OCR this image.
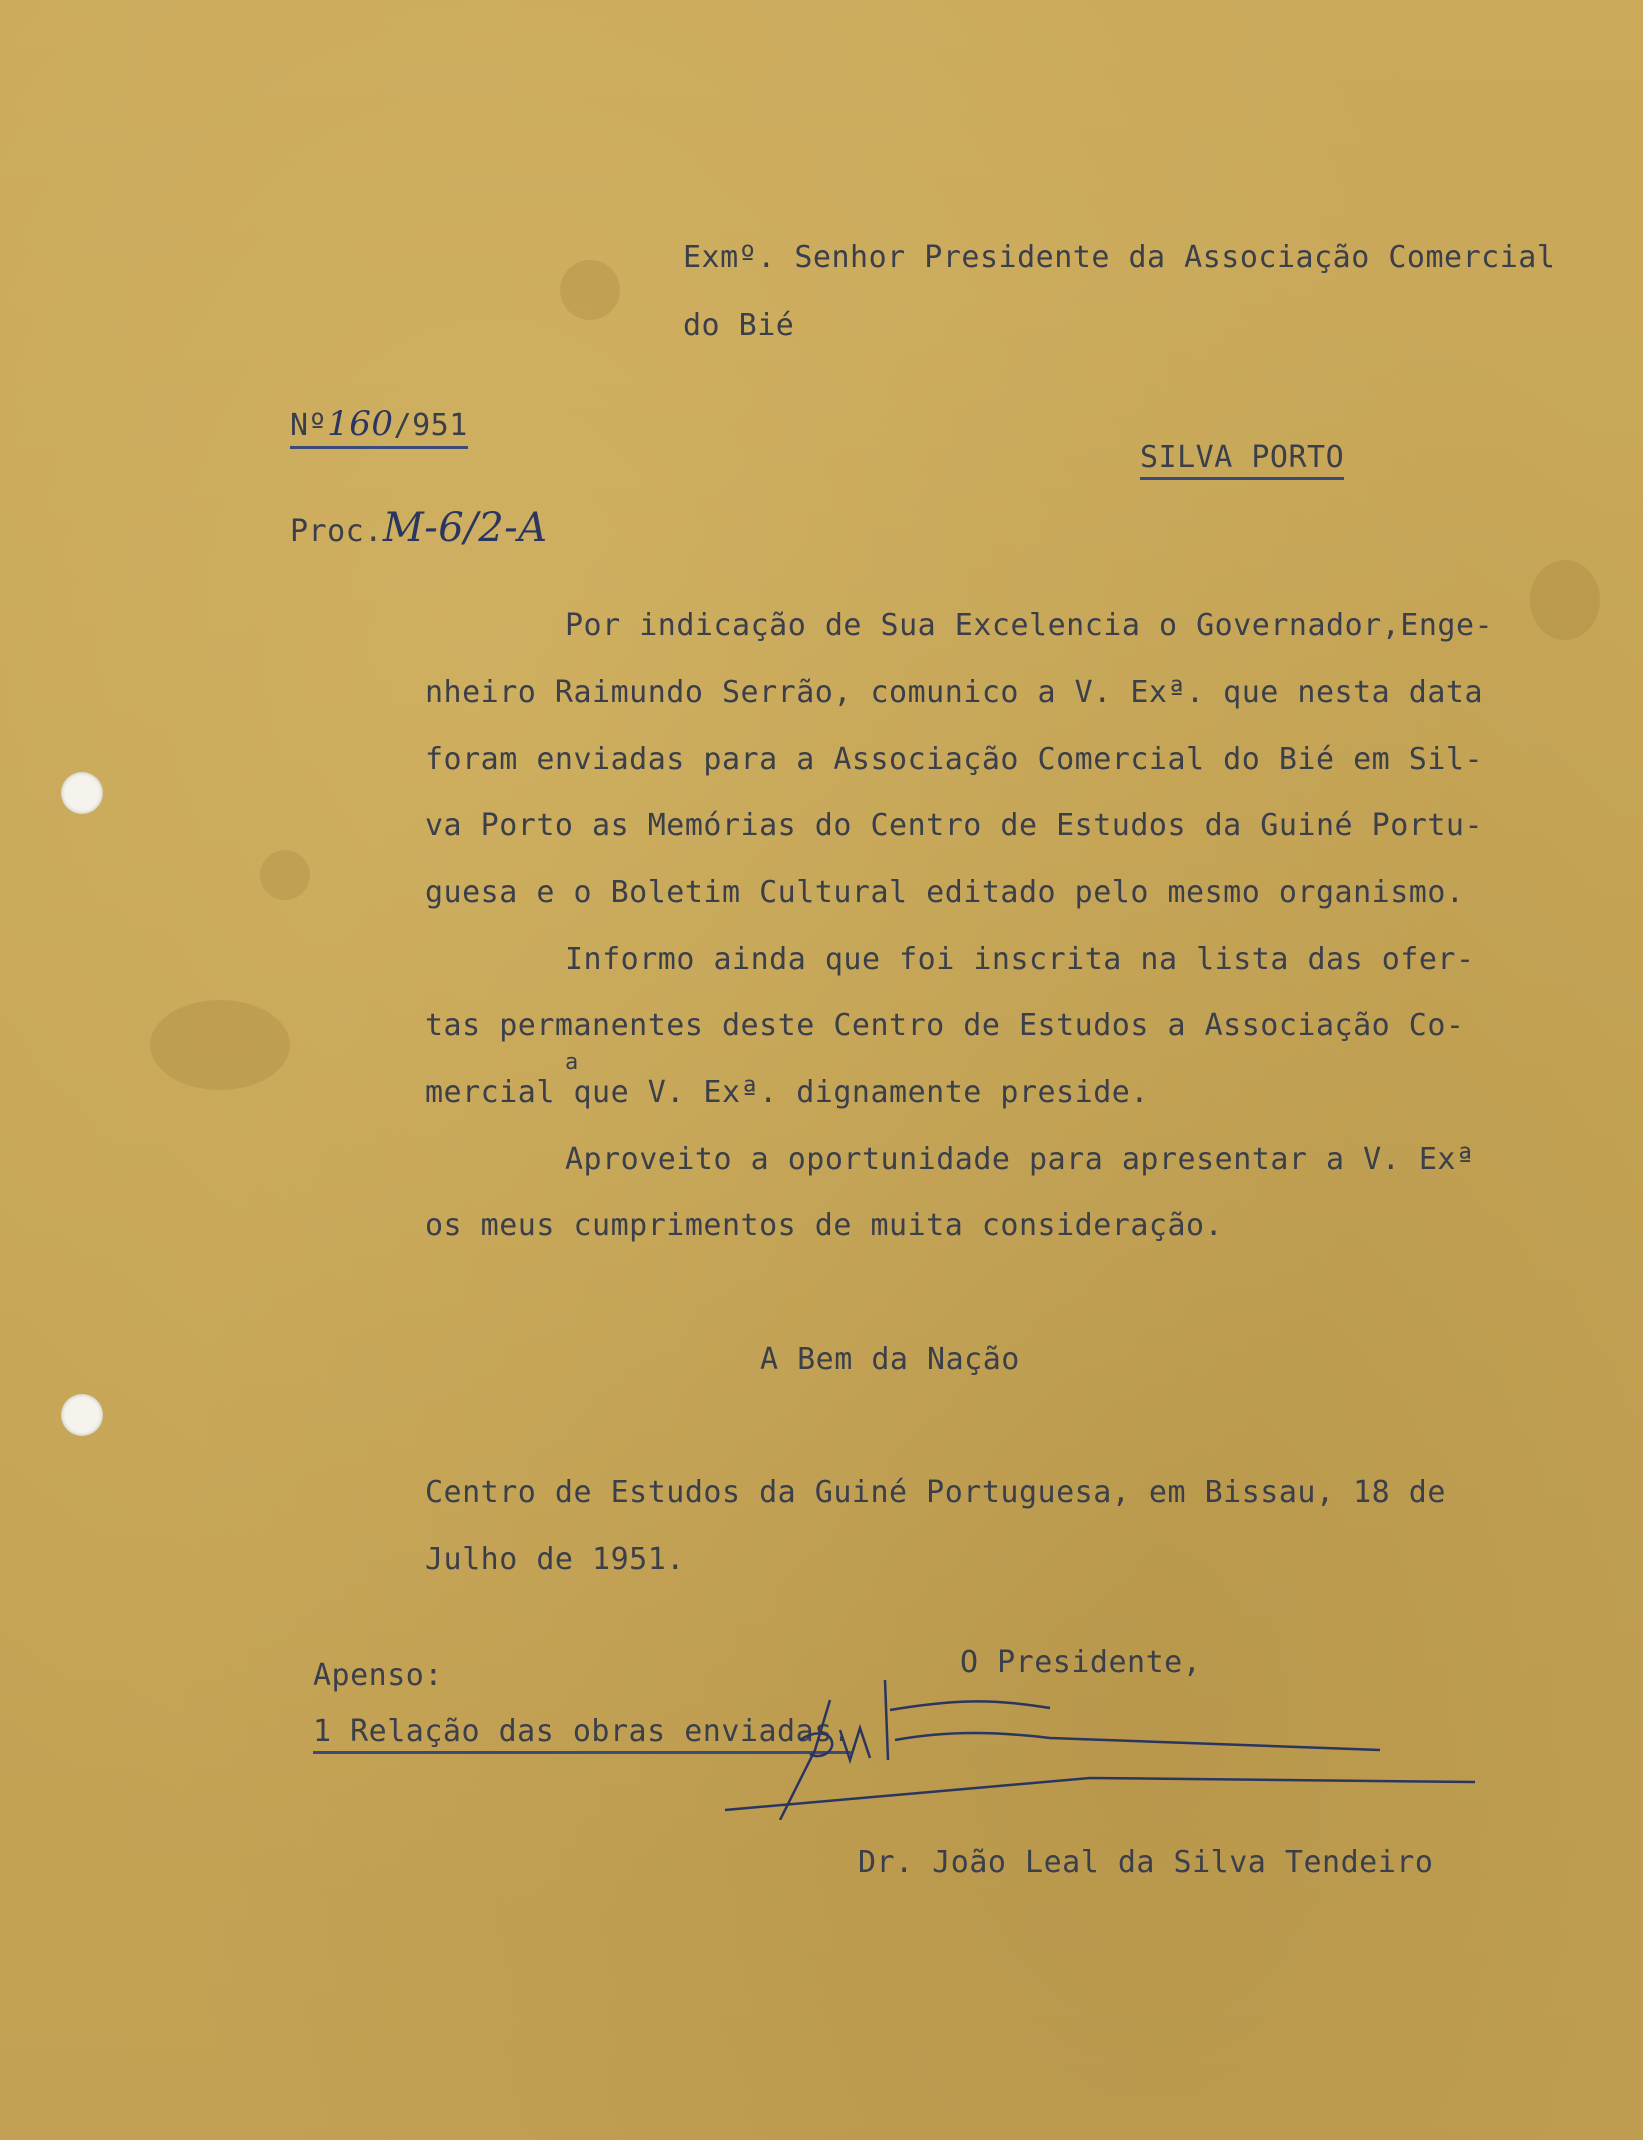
Exmº. Senhor Presidente da Associação Comercial
do Bié
Nº160/951
Proc.M-6/2-A
SILVA PORTO
Por indicação de Sua Excelencia o Governador,Enge-
nheiro Raimundo Serrão, comunico a V. Exª. que nesta data
foram enviadas para a Associação Comercial do Bié em Sil-
va Porto as Memórias do Centro de Estudos da Guiné Portu-
guesa e o Boletim Cultural editado pelo mesmo organismo.
Informo ainda que foi inscrita na lista das ofer-
tas permanentes deste Centro de Estudos a Associação Co-
a
mercial que V. Exª. dignamente preside.
Aproveito a oportunidade para apresentar a V. Exª
os meus cumprimentos de muita consideração.
A Bem da Nação
Centro de Estudos da Guiné Portuguesa, em Bissau, 18 de
Julho de 1951.
Apenso:
1 Relação das obras enviadas.
O Presidente,
Dr. João Leal da Silva Tendeiro
